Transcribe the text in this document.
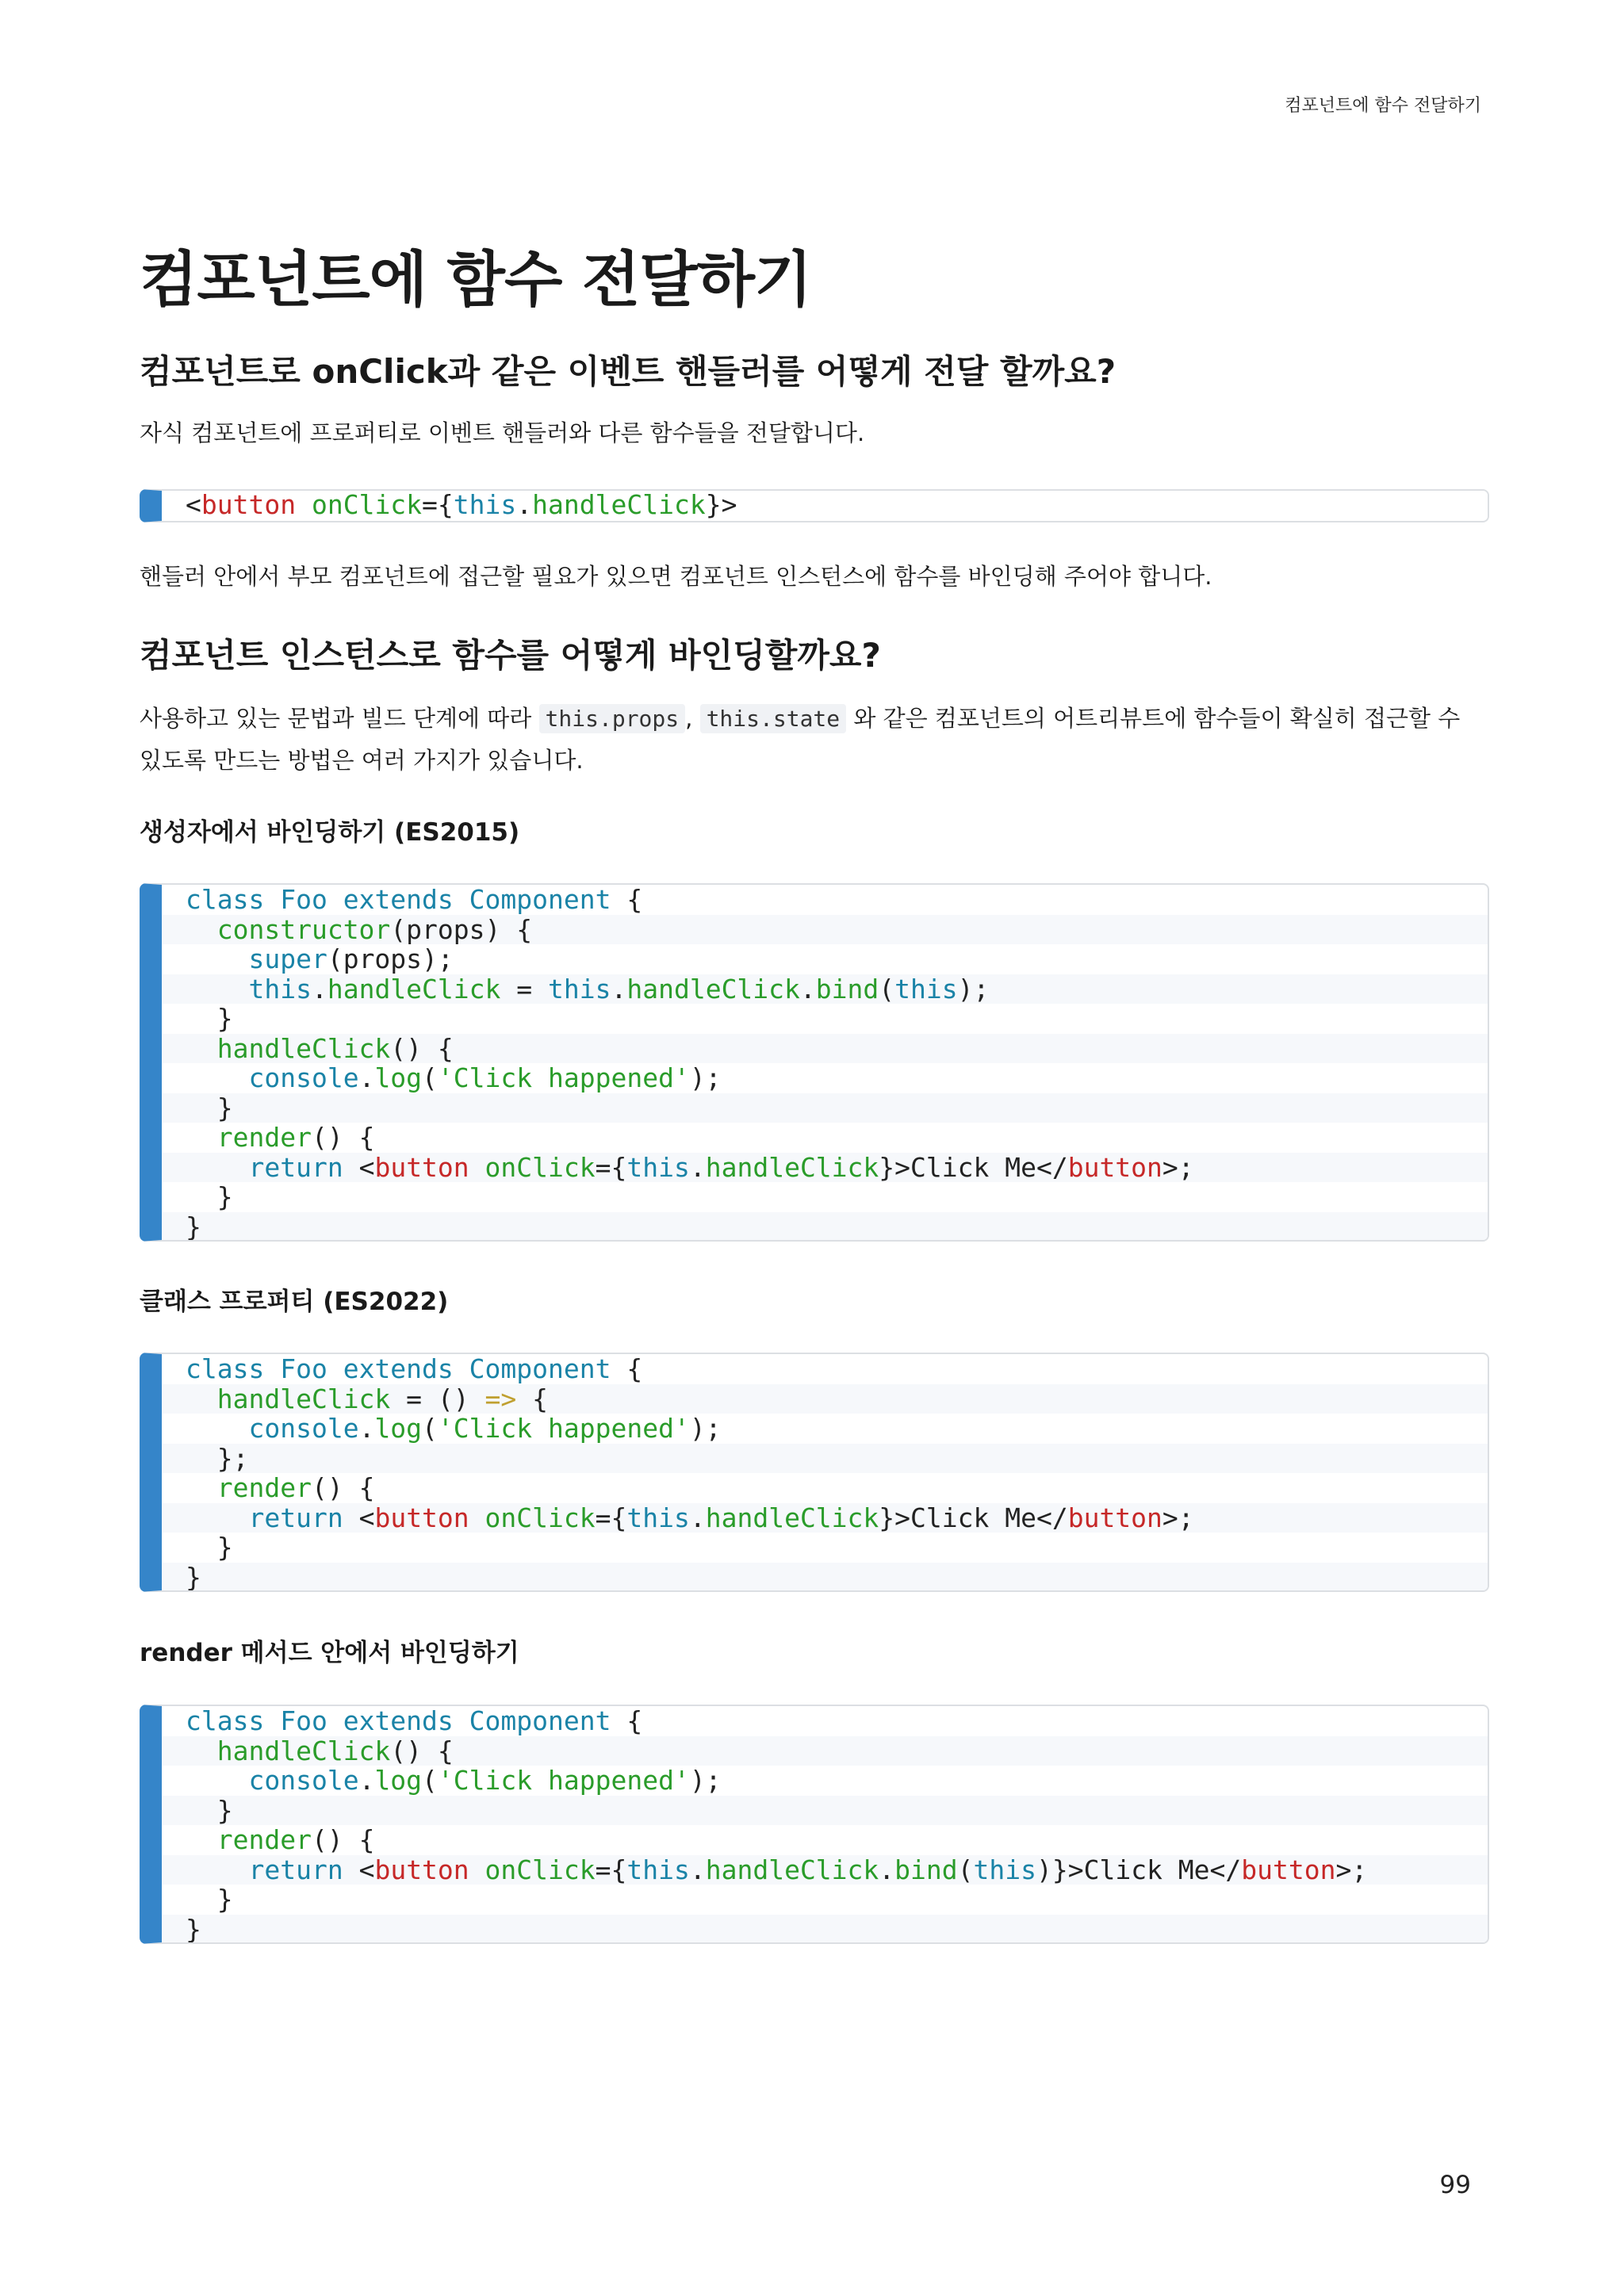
컴포넌트에 함수 전달하기
컴포넌트에 함수 전달하기
컴포넌트로 onClick과 같은 이벤트 핸들러를 어떻게 전달 할까요?

자식 컴포넌트에 프로퍼티로 이벤트 핸들러와 다른 함수들을 전달합니다.

<button onClick={this.handleClick}>

핸들러 안에서 부모 컴포넌트에 접근할 필요가 있으면 컴포넌트 인스턴스에 함수를 바인딩해 주어야 합니다.

컴포넌트 인스턴스로 함수를 어떻게 바인딩할까요?

사용하고 있는 문법과 빌드 단계에 따라 this.props , this.state 와 같은 컴포넌트의 어트리뷰트에 함수들이 확실히 접근할 수 있도록 만드는 방법은 여러 가지가 있습니다.

생성자에서 바인딩하기 (ES2015)
class Foo extends Component {
constructor(props) {
super(props);
this.handleClick = this.handleClick.bind(this);
}
handleClick() {
console.log('Click happened');
}
render() {
return <button onClick={this.handleClick}>Click Me</button>;
}
}
클래스 프로퍼티 (ES2022)
class Foo extends Component {
handleClick = () => {
console.log('Click happened');
};
render() {
return <button onClick={this.handleClick}>Click Me</button>;
}
}
render 메서드 안에서 바인딩하기
class Foo extends Component {
handleClick() {
console.log('Click happened');
}
render() {
return <button onClick={this.handleClick.bind(this)}>Click Me</button>;
}
}
99
